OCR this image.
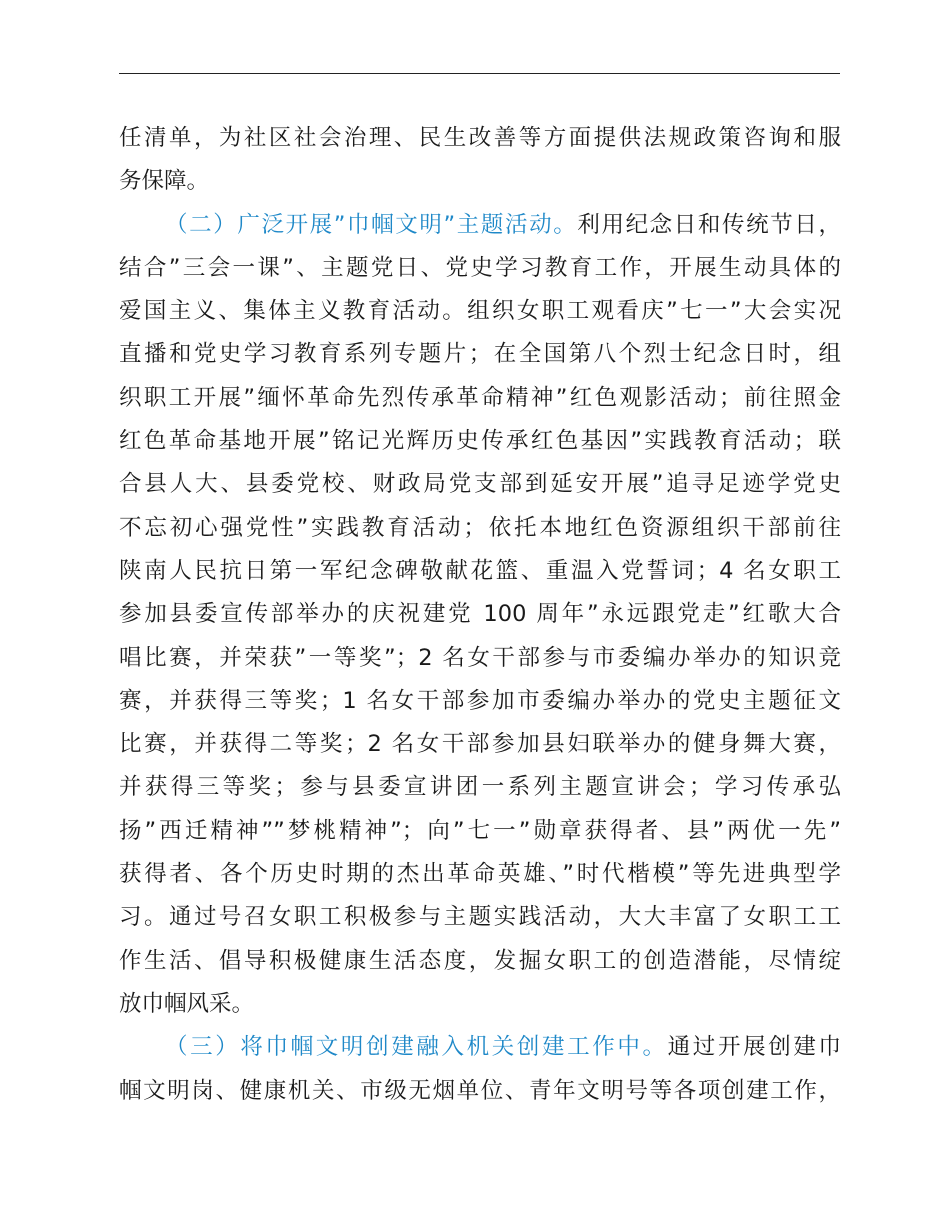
任清单，为社区社会治理、民生改善等方面提供法规政策咨询和服
务保障。
（二）广泛开展”巾帼文明”主题活动。利用纪念日和传统节日，
结合”三会一课”、主题党日、党史学习教育工作，开展生动具体的
爱国主义、集体主义教育活动。组织女职工观看庆”七一”大会实况
直播和党史学习教育系列专题片；在全国第八个烈士纪念日时，组
织职工开展”缅怀革命先烈传承革命精神”红色观影活动；前往照金
红色革命基地开展”铭记光辉历史传承红色基因”实践教育活动；联
合县人大、县委党校、财政局党支部到延安开展”追寻足迹学党史
不忘初心强党性”实践教育活动；依托本地红色资源组织干部前往
陕南人民抗日第一军纪念碑敬献花篮、重温入党誓词；4 名女职工
参加县委宣传部举办的庆祝建党 100 周年”永远跟党走”红歌大合
唱比赛，并荣获”一等奖”；2 名女干部参与市委编办举办的知识竞
赛，并获得三等奖；1 名女干部参加市委编办举办的党史主题征文
比赛，并获得二等奖；2 名女干部参加县妇联举办的健身舞大赛，
并获得三等奖；参与县委宣讲团一系列主题宣讲会；学习传承弘
扬”西迁精神””梦桃精神”；向”七一”勋章获得者、县”两优一先”
获得者、各个历史时期的杰出革命英雄、”时代楷模”等先进典型学
习。通过号召女职工积极参与主题实践活动，大大丰富了女职工工
作生活、倡导积极健康生活态度，发掘女职工的创造潜能，尽情绽
放巾帼风采。
（三）将巾帼文明创建融入机关创建工作中。通过开展创建巾
帼文明岗、健康机关、市级无烟单位、青年文明号等各项创建工作，
